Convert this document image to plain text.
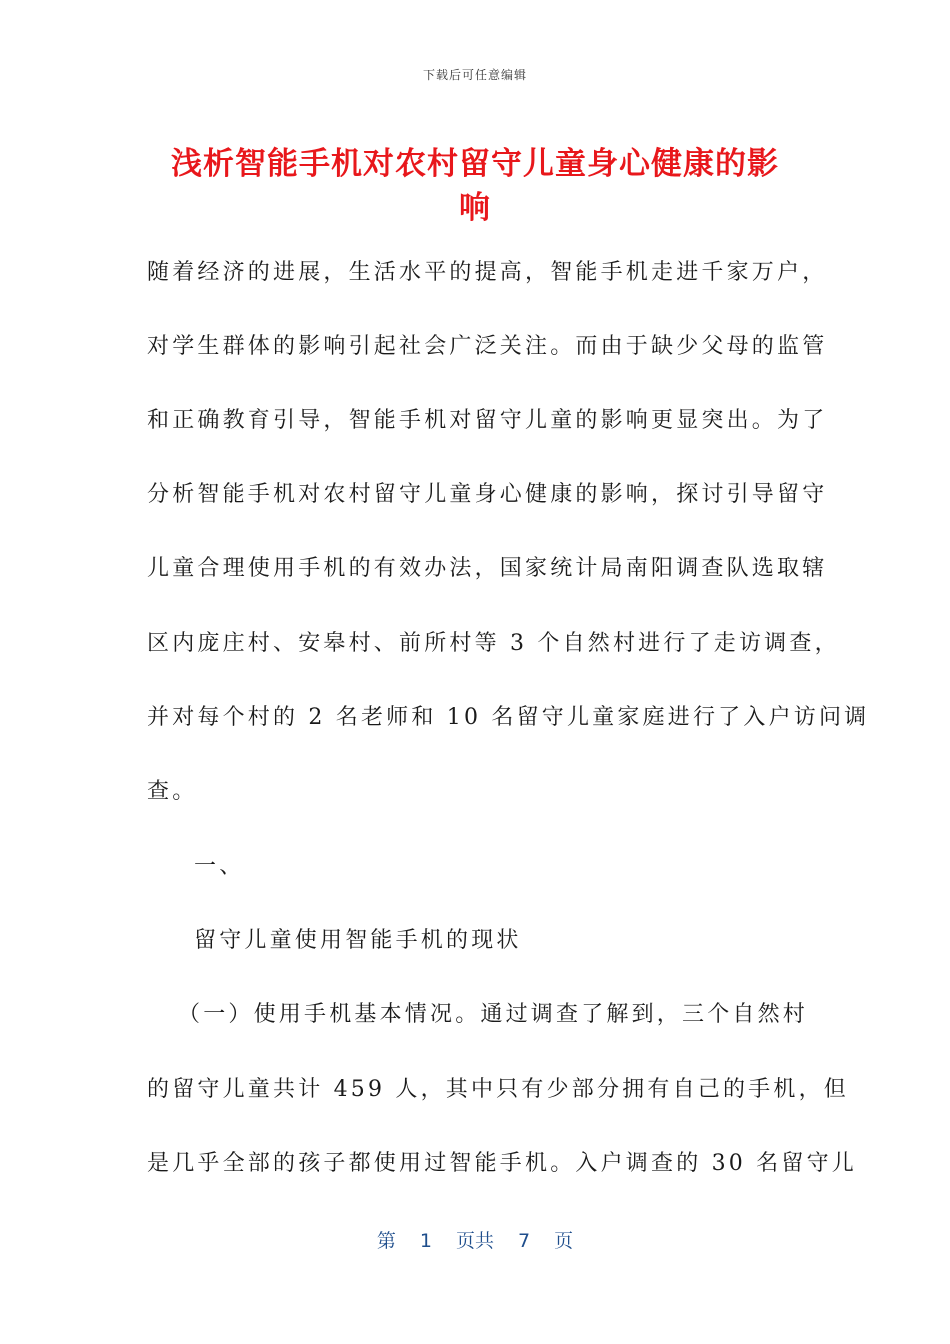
下载后可任意编辑
浅析智能手机对农村留守儿童身心健康的影
响
随着经济的进展，生活水平的提高，智能手机走进千家万户，
对学生群体的影响引起社会广泛关注。而由于缺少父母的监管
和正确教育引导，智能手机对留守儿童的影响更显突出。为了
分析智能手机对农村留守儿童身心健康的影响，探讨引导留守
儿童合理使用手机的有效办法，国家统计局南阳调查队选取辖
区内庞庄村、安皋村、前所村等 3 个自然村进行了走访调查，
并对每个村的 2 名老师和 10 名留守儿童家庭进行了入户访问调
查。
一、
留守儿童使用智能手机的现状
（一）使用手机基本情况。通过调查了解到，三个自然村
的留守儿童共计 459 人，其中只有少部分拥有自己的手机，但
是几乎全部的孩子都使用过智能手机。入户调查的 30 名留守儿
第 1 页共 7 页
